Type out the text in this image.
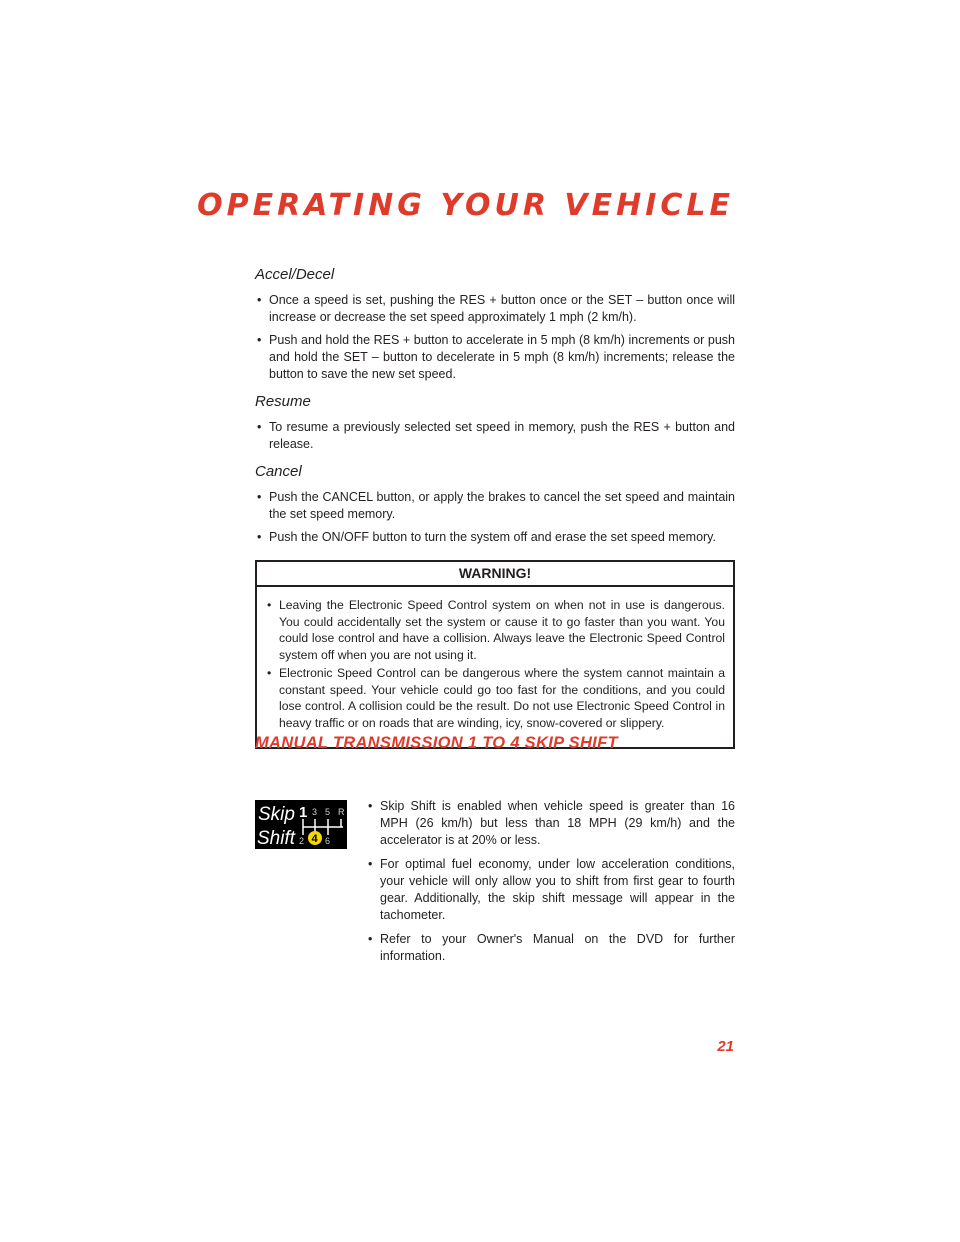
OPERATING YOUR VEHICLE
Accel/Decel
• Once a speed is set, pushing the RES + button once or the SET – button once will increase or decrease the set speed approximately 1 mph (2 km/h).
• Push and hold the RES + button to accelerate in 5 mph (8 km/h) increments or push and hold the SET – button to decelerate in 5 mph (8 km/h) increments; release the button to save the new set speed.
Resume
• To resume a previously selected set speed in memory, push the RES + button and release.
Cancel
• Push the CANCEL button, or apply the brakes to cancel the set speed and maintain the set speed memory.
• Push the ON/OFF button to turn the system off and erase the set speed memory.
WARNING!
• Leaving the Electronic Speed Control system on when not in use is dangerous. You could accidentally set the system or cause it to go faster than you want. You could lose control and have a collision. Always leave the Electronic Speed Control system off when you are not using it.
• Electronic Speed Control can be dangerous where the system cannot maintain a constant speed. Your vehicle could go too fast for the conditions, and you could lose control. A collision could be the result. Do not use Electronic Speed Control in heavy traffic or on roads that are winding, icy, snow-covered or slippery.
MANUAL TRANSMISSION 1 TO 4 SKIP SHIFT
Skip
Shift
1 3 5 R
2 4 6
• Skip Shift is enabled when vehicle speed is greater than 16 MPH (26 km/h) but less than 18 MPH (29 km/h) and the accelerator is at 20% or less.
• For optimal fuel economy, under low acceleration conditions, your vehicle will only allow you to shift from first gear to fourth gear. Additionally, the skip shift message will appear in the tachometer.
• Refer to your Owner's Manual on the DVD for further information.
21
